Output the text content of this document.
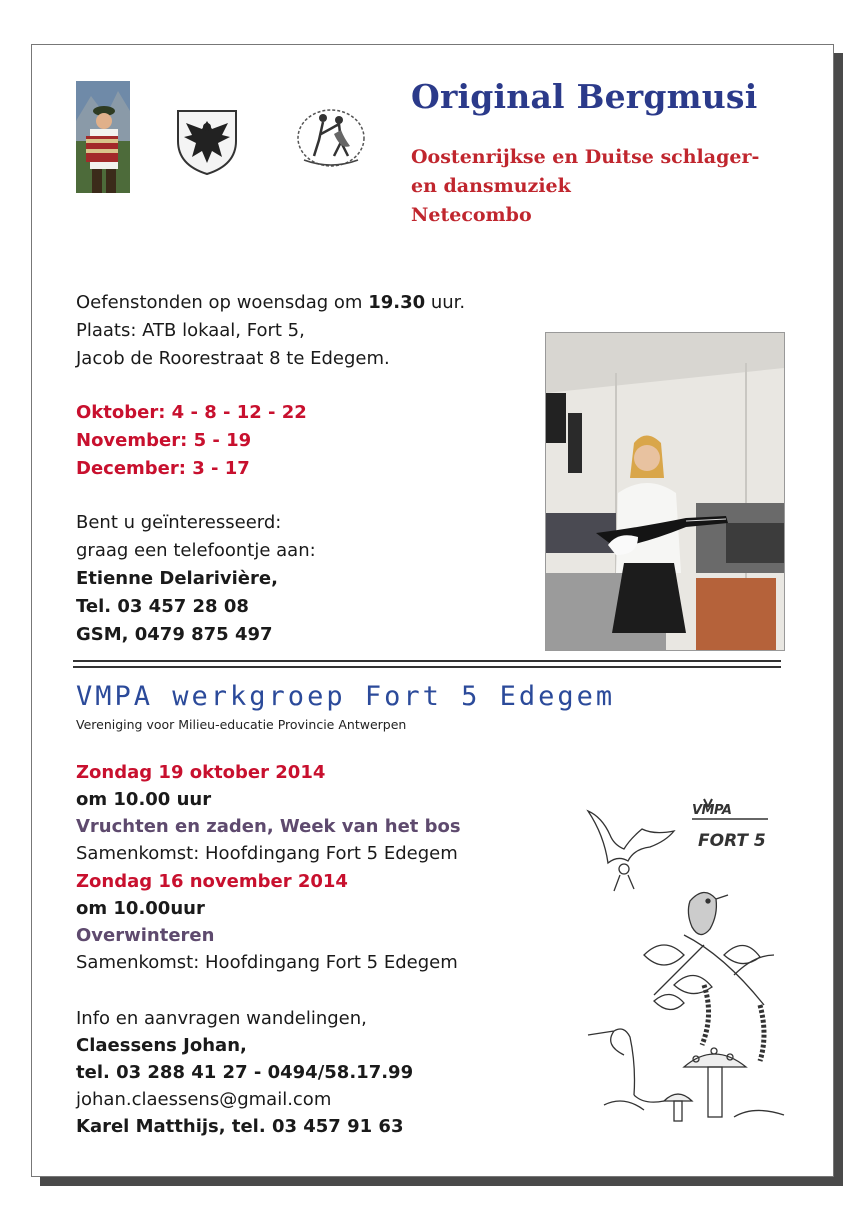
Original Bergmusi
Oostenrijkse en Duitse schlager-
en dansmuziek
Netecombo
Oefenstonden op woensdag om 19.30 uur.
Plaats: ATB lokaal, Fort 5,
Jacob de Roorestraat 8 te Edegem.
Oktober: 4 - 8 - 12 - 22
November: 5 - 19
December: 3 - 17
Bent u geïnteresseerd:
graag een telefoontje aan:
Etienne Delarivière,
Tel. 03 457 28 08
GSM, 0479 875 497
VMPA werkgroep Fort 5 Edegem
Vereniging voor Milieu-educatie Provincie Antwerpen
Zondag 19 oktober 2014
om 10.00 uur
Vruchten en zaden, Week van het bos
Samenkomst: Hoofdingang Fort 5 Edegem
Zondag 16 november 2014
om 10.00uur
Overwinteren
Samenkomst: Hoofdingang Fort 5 Edegem
Info en aanvragen wandelingen,
Claessens Johan,
tel. 03 288 41 27 - 0494/58.17.99
johan.claessens@gmail.com
Karel Matthijs, tel. 03 457 91 63
VMPA
FORT 5
